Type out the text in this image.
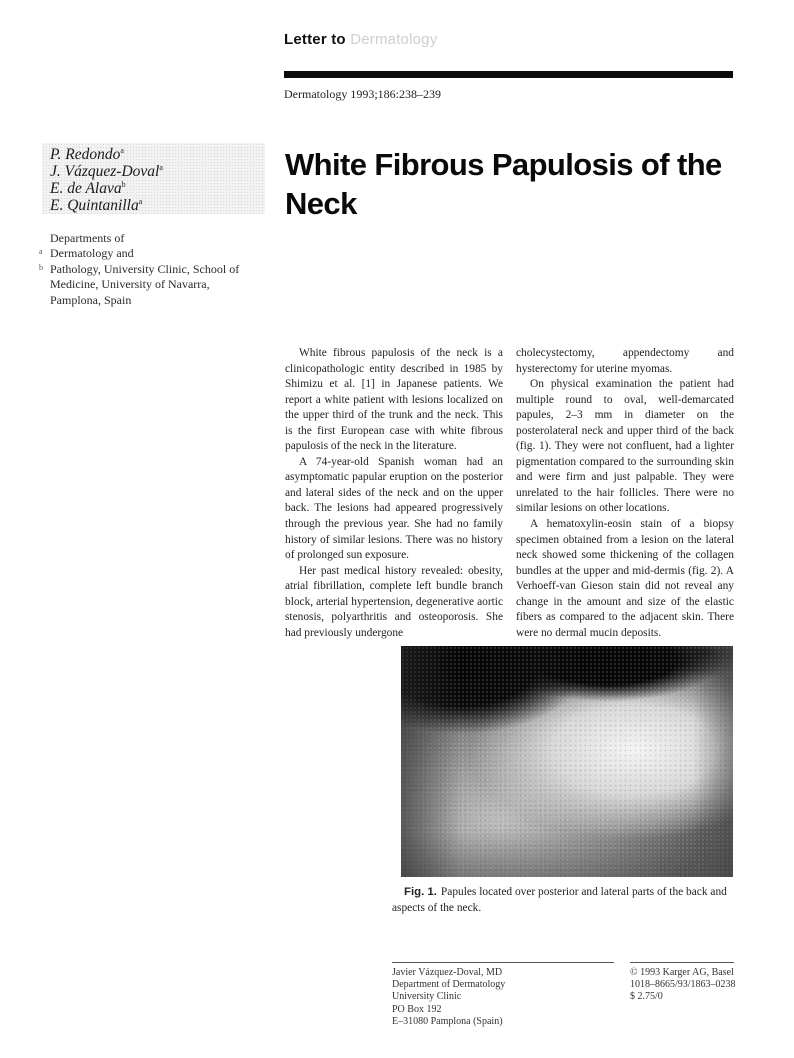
Letter to Dermatology
Dermatology 1993;186:238–239
P. Redondo$^a$
J. Vázquez-Doval$^a$
E. de Alava$^b$
E. Quintanilla$^a$
Departments of
a Dermatology and
b Pathology, University Clinic, School of
Medicine, University of Navarra,
Pamplona, Spain
White Fibrous Papulosis of the Neck

White fibrous papulosis of the neck is a clinicopathologic entity described in 1985 by Shimizu et al. [1] in Japanese patients. We report a white patient with lesions localized on the upper third of the trunk and the neck. This is the first European case with white fibrous papulosis of the neck in the literature.

A 74-year-old Spanish woman had an asymptomatic papular eruption on the posterior and lateral sides of the neck and on the upper back. The lesions had appeared progressively through the previous year. She had no family history of similar lesions. There was no history of prolonged sun exposure.

Her past medical history revealed: obesity, atrial fibrillation, complete left bundle branch block, arterial hypertension, degenerative aortic stenosis, polyarthritis and osteoporosis. She had previously undergone

cholecystectomy, appendectomy and hysterectomy for uterine myomas.

On physical examination the patient had multiple round to oval, well-demarcated papules, 2–3 mm in diameter on the posterolateral neck and upper third of the back (fig. 1). They were not confluent, had a lighter pigmentation compared to the surrounding skin and were firm and just palpable. They were unrelated to the hair follicles. There were no similar lesions on other locations.

A hematoxylin-eosin stain of a biopsy specimen obtained from a lesion on the lateral neck showed some thickening of the collagen bundles at the upper and mid-dermis (fig. 2). A Verhoeff-van Gieson stain did not reveal any change in the amount and size of the elastic fibers as compared to the adjacent skin. There were no dermal mucin deposits.

Fig. 1. Papules located over posterior and lateral parts of the back and aspects of the neck.
Javier Vázquez-Doval, MD
Department of Dermatology
University Clinic
PO Box 192
E–31080 Pamplona (Spain)
© 1993 Karger AG, Basel
1018–8665/93/1863–0238
$ 2.75/0
